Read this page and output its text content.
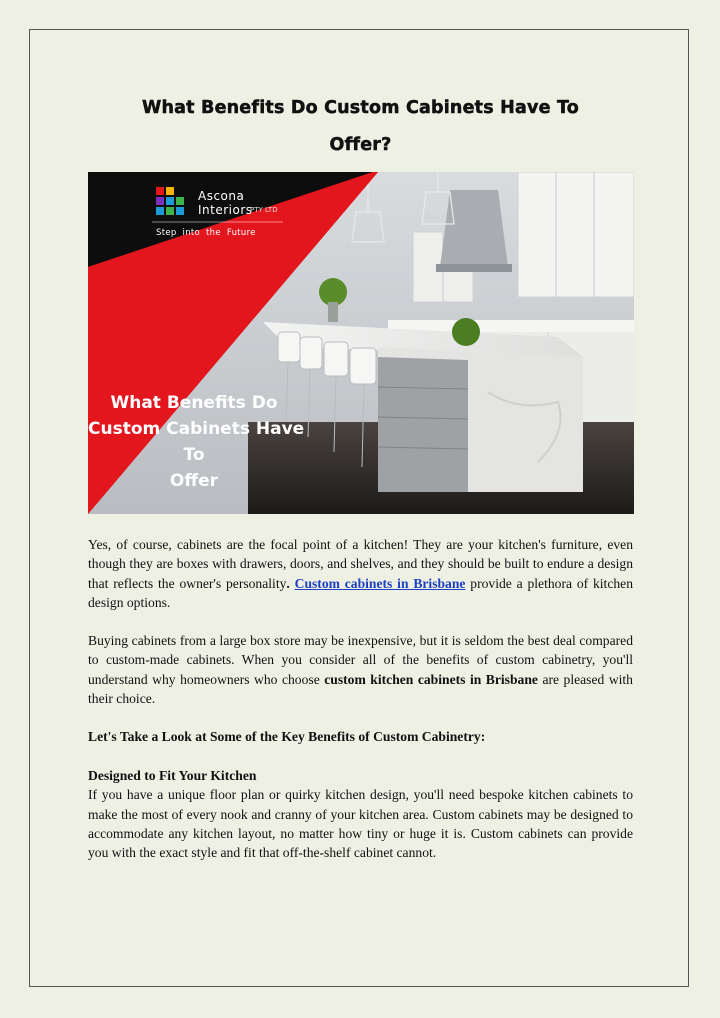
What Benefits Do Custom Cabinets Have To
Offer?
Ascona
Interiors
PTY LTD
Step into the Future
What Benefits Do
Custom Cabinets Have
To
Offer

Yes, of course, cabinets are the focal point of a kitchen! They are your kitchen's furniture, even though they are boxes with drawers, doors, and shelves, and they should be built to endure a design that reflects the owner's personality. Custom cabinets in Brisbane provide a plethora of kitchen design options.

Buying cabinets from a large box store may be inexpensive, but it is seldom the best deal compared to custom-made cabinets. When you consider all of the benefits of custom cabinetry, you'll understand why homeowners who choose custom kitchen cabinets in Brisbane are pleased with their choice.

Let's Take a Look at Some of the Key Benefits of Custom Cabinetry:

Designed to Fit Your Kitchen

If you have a unique floor plan or quirky kitchen design, you'll need bespoke kitchen cabinets to make the most of every nook and cranny of your kitchen area. Custom cabinets may be designed to accommodate any kitchen layout, no matter how tiny or huge it is. Custom cabinets can provide you with the exact style and fit that off-the-shelf cabinet cannot.
